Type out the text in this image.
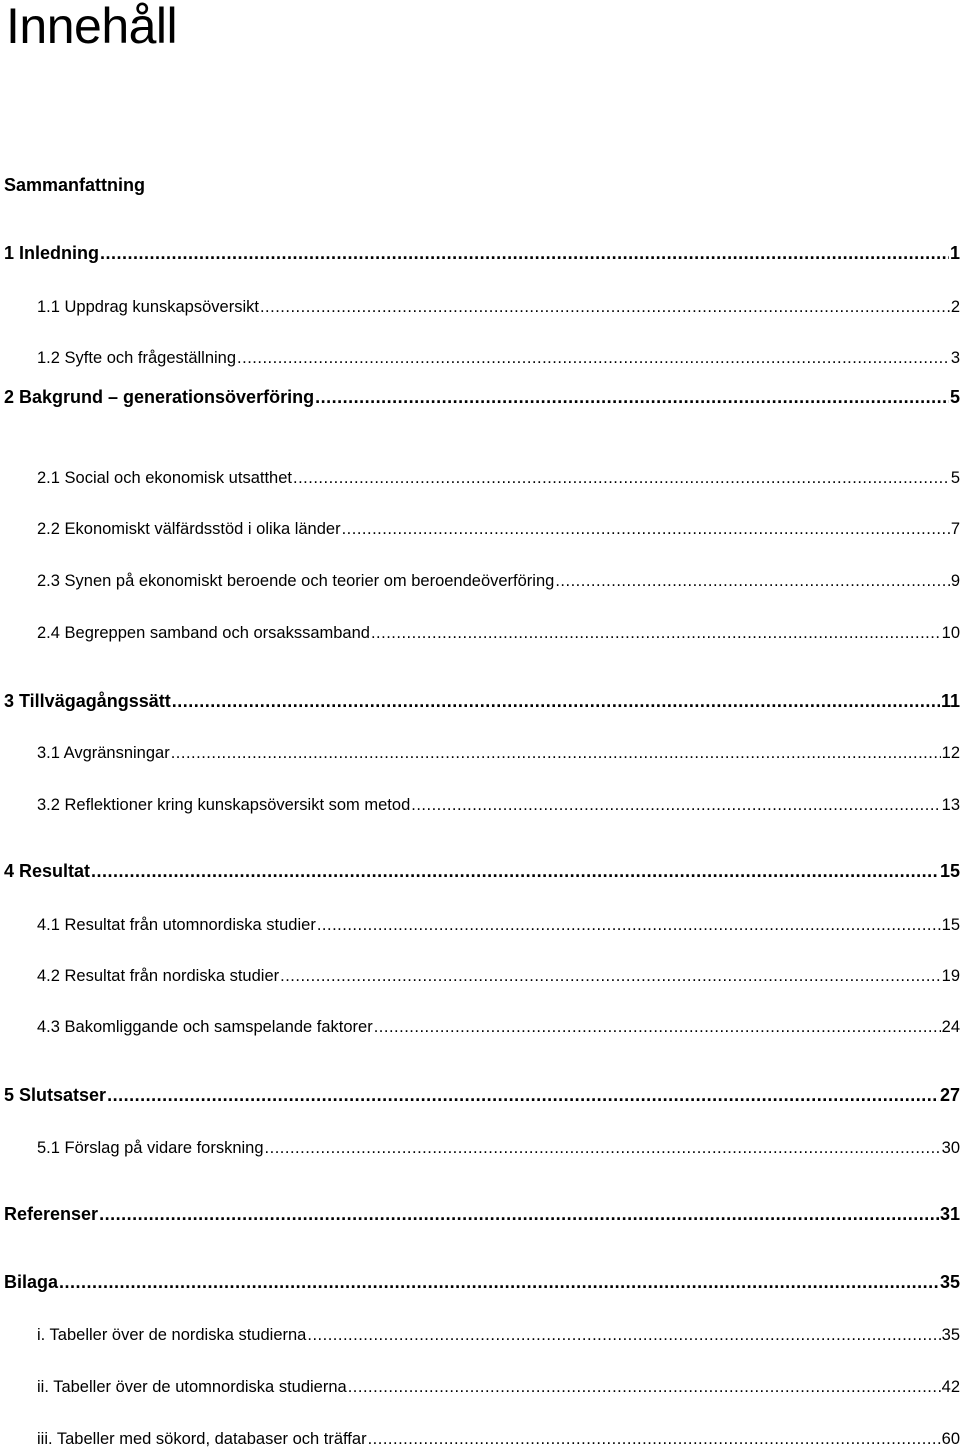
Innehåll
Sammanfattning
1 Inledning .....	1
1.1 Uppdrag kunskapsöversikt .....	2
1.2 Syfte och frågeställning .....	3
2 Bakgrund – generationsöverföring .....	5
2.1 Social och ekonomisk utsatthet .....	5
2.2 Ekonomiskt välfärdsstöd i olika länder .....	7
2.3 Synen på ekonomiskt beroende och teorier om beroendeöverföring .....	9
2.4 Begreppen samband och orsakssamband .....	10
3 Tillvägagångssätt .....	11
3.1 Avgränsningar .....	12
3.2 Reflektioner kring kunskapsöversikt som metod .....	13
4 Resultat .....	15
4.1 Resultat från utomnordiska studier .....	15
4.2 Resultat från nordiska studier .....	19
4.3 Bakomliggande och samspelande faktorer .....	24
5 Slutsatser .....	27
5.1 Förslag på vidare forskning .....	30
Referenser .....	31
Bilaga .....	35
i. Tabeller över de nordiska studierna .....	35
ii. Tabeller över de utomnordiska studierna .....	42
iii. Tabeller med sökord, databaser och träffar .....	60
